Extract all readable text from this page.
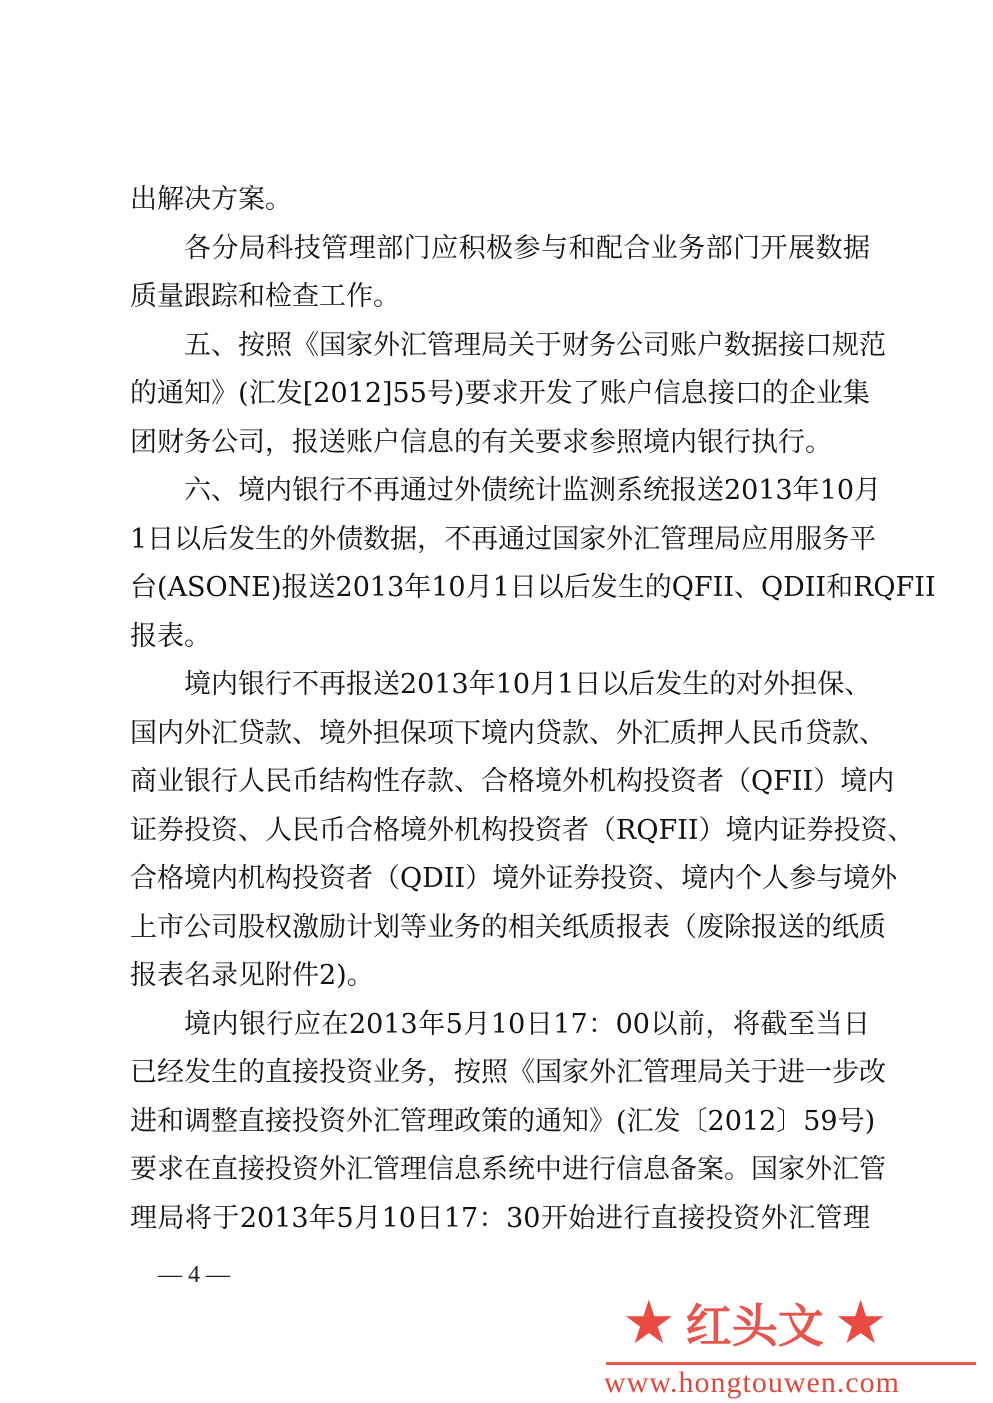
出解决方案。
各分局科技管理部门应积极参与和配合业务部门开展数据
质量跟踪和检查工作。
五、按照《国家外汇管理局关于财务公司账户数据接口规范
的通知》(汇发[2012]55号)要求开发了账户信息接口的企业集
团财务公司，报送账户信息的有关要求参照境内银行执行。
六、境内银行不再通过外债统计监测系统报送2013年10月
1日以后发生的外债数据，不再通过国家外汇管理局应用服务平
台(ASONE)报送2013年10月1日以后发生的QFII、QDII和RQFII
报表。
境内银行不再报送2013年10月1日以后发生的对外担保、
国内外汇贷款、境外担保项下境内贷款、外汇质押人民币贷款、
商业银行人民币结构性存款、合格境外机构投资者（QFII）境内
证券投资、人民币合格境外机构投资者（RQFII）境内证券投资、
合格境内机构投资者（QDII）境外证券投资、境内个人参与境外
上市公司股权激励计划等业务的相关纸质报表（废除报送的纸质
报表名录见附件2)。
境内银行应在2013年5月10日17：00以前，将截至当日
已经发生的直接投资业务，按照《国家外汇管理局关于进一步改
进和调整直接投资外汇管理政策的通知》(汇发〔2012〕59号)
要求在直接投资外汇管理信息系统中进行信息备案。国家外汇管
理局将于2013年5月10日17：30开始进行直接投资外汇管理
— 4 —
★ 红头文 ★
www.hongtouwen.com
